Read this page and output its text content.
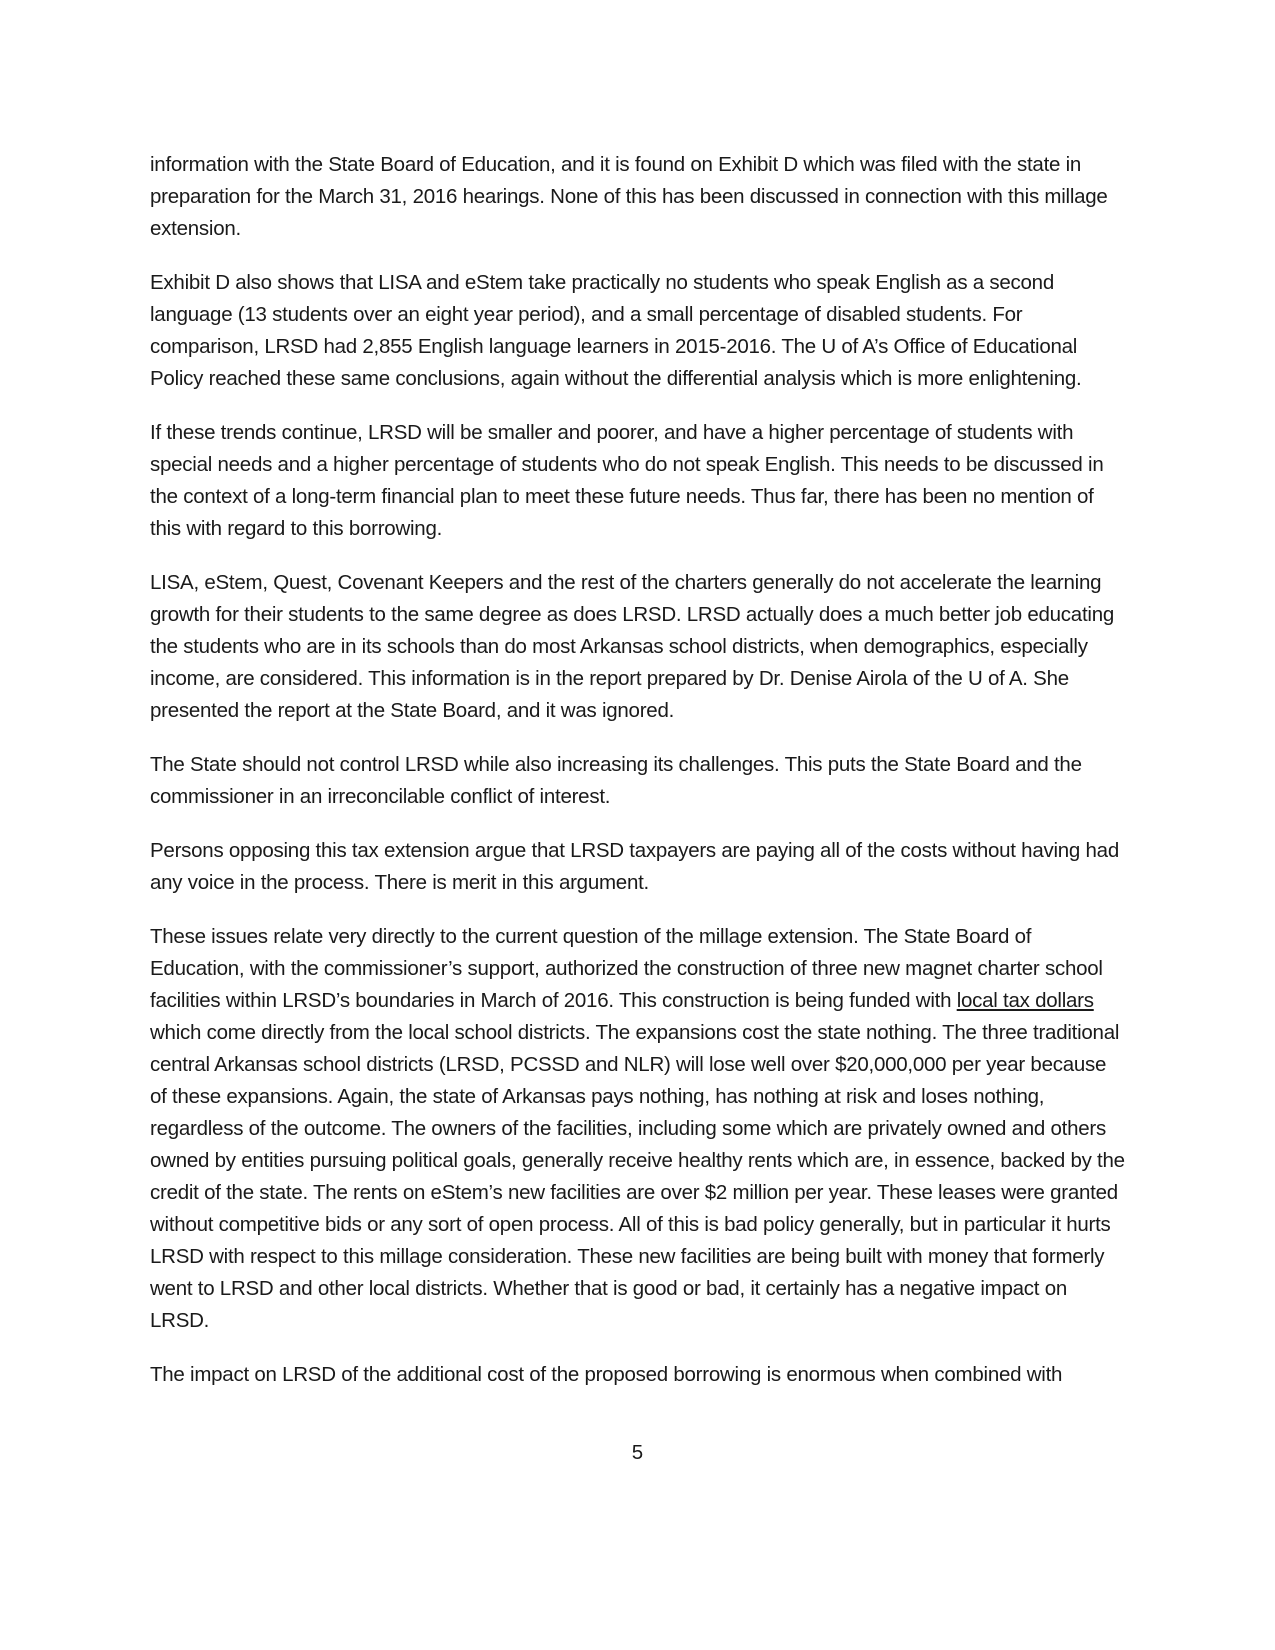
information with the State Board of Education, and it is found on Exhibit D which was filed with the state in preparation for the March 31, 2016 hearings. None of this has been discussed in connection with this millage extension.

Exhibit D also shows that LISA and eStem take practically no students who speak English as a second language (13 students over an eight year period), and a small percentage of disabled students. For comparison, LRSD had 2,855 English language learners in 2015-2016. The U of A’s Office of Educational Policy reached these same conclusions, again without the differential analysis which is more enlightening.

If these trends continue, LRSD will be smaller and poorer, and have a higher percentage of students with special needs and a higher percentage of students who do not speak English. This needs to be discussed in the context of a long-term financial plan to meet these future needs. Thus far, there has been no mention of this with regard to this borrowing.

LISA, eStem, Quest, Covenant Keepers and the rest of the charters generally do not accelerate the learning growth for their students to the same degree as does LRSD. LRSD actually does a much better job educating the students who are in its schools than do most Arkansas school districts, when demographics, especially income, are considered. This information is in the report prepared by Dr. Denise Airola of the U of A. She presented the report at the State Board, and it was ignored.

The State should not control LRSD while also increasing its challenges. This puts the State Board and the commissioner in an irreconcilable conflict of interest.

Persons opposing this tax extension argue that LRSD taxpayers are paying all of the costs without having had any voice in the process. There is merit in this argument.

These issues relate very directly to the current question of the millage extension. The State Board of Education, with the commissioner’s support, authorized the construction of three new magnet charter school facilities within LRSD’s boundaries in March of 2016. This construction is being funded with local tax dollars which come directly from the local school districts. The expansions cost the state nothing. The three traditional central Arkansas school districts (LRSD, PCSSD and NLR) will lose well over $20,000,000 per year because of these expansions. Again, the state of Arkansas pays nothing, has nothing at risk and loses nothing, regardless of the outcome. The owners of the facilities, including some which are privately owned and others owned by entities pursuing political goals, generally receive healthy rents which are, in essence, backed by the credit of the state. The rents on eStem’s new facilities are over $2 million per year. These leases were granted without competitive bids or any sort of open process. All of this is bad policy generally, but in particular it hurts LRSD with respect to this millage consideration. These new facilities are being built with money that formerly went to LRSD and other local districts. Whether that is good or bad, it certainly has a negative impact on LRSD.

The impact on LRSD of the additional cost of the proposed borrowing is enormous when combined with

5
